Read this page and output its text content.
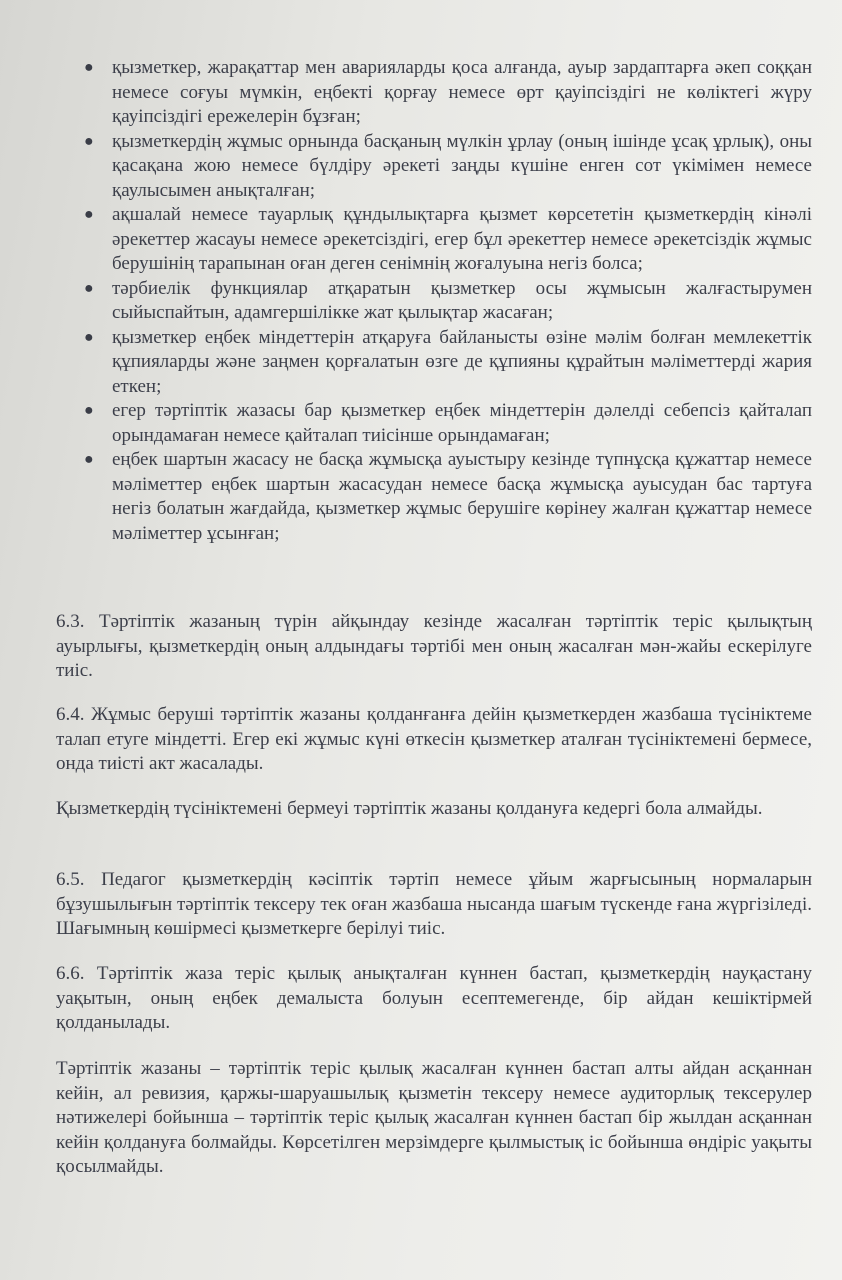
● қызметкер, жарақаттар мен аварияларды қоса алғанда, ауыр зардаптарға әкеп соққан немесе соғуы мүмкін, еңбекті қорғау немесе өрт қауіпсіздігі не көліктегі жүру қауіпсіздігі ережелерін бұзған;
● қызметкердің жұмыс орнында басқаның мүлкін ұрлау (оның ішінде ұсақ ұрлық), оны қасақана жою немесе бүлдіру әрекеті заңды күшіне енген сот үкімімен немесе қаулысымен анықталған;
● ақшалай немесе тауарлық құндылықтарға қызмет көрсететін қызметкердің кінәлі әрекеттер жасауы немесе әрекетсіздігі, егер бұл әрекеттер немесе әрекетсіздік жұмыс берушінің тарапынан оған деген сенімнің жоғалуына негіз болса;
● тәрбиелік функциялар атқаратын қызметкер осы жұмысын жалғастырумен сыйыспайтын, адамгершілікке жат қылықтар жасаған;
● қызметкер еңбек міндеттерін атқаруға байланысты өзіне мәлім болған мемлекеттік құпияларды және заңмен қорғалатын өзге де құпияны құрайтын мәліметтерді жария еткен;
● егер тәртіптік жазасы бар қызметкер еңбек міндеттерін дәлелді себепсіз қайталап орындамаған немесе қайталап тиісінше орындамаған;
● еңбек шартын жасасу не басқа жұмысқа ауыстыру кезінде түпнұсқа құжаттар немесе мәліметтер еңбек шартын жасасудан немесе басқа жұмысқа ауысудан бас тартуға негіз болатын жағдайда, қызметкер жұмыс берушіге көрінеу жалған құжаттар немесе мәліметтер ұсынған;

6.3. Тәртіптік жазаның түрін айқындау кезінде жасалған тәртіптік теріс қылықтың ауырлығы, қызметкердің оның алдындағы тәртібі мен оның жасалған мән-жайы ескерілуге тиіс.

6.4. Жұмыс беруші тәртіптік жазаны қолданғанға дейін қызметкерден жазбаша түсініктеме талап етуге міндетті. Егер екі жұмыс күні өткесін қызметкер аталған түсініктемені бермесе, онда тиісті акт жасалады.

Қызметкердің түсініктемені бермеуі тәртіптік жазаны қолдануға кедергі бола алмайды.

6.5. Педагог қызметкердің кәсіптік тәртіп немесе ұйым жарғысының нормаларын бұзушылығын тәртіптік тексеру тек оған жазбаша нысанда шағым түскенде ғана жүргізіледі. Шағымның көшірмесі қызметкерге берілуі тиіс.

6.6. Тәртіптік жаза теріс қылық анықталған күннен бастап, қызметкердің науқастану уақытын, оның еңбек демалыста болуын есептемегенде, бір айдан кешіктірмей қолданылады.

Тәртіптік жазаны – тәртіптік теріс қылық жасалған күннен бастап алты айдан асқаннан кейін, ал ревизия, қаржы-шаруашылық қызметін тексеру немесе аудиторлық тексерулер нәтижелері бойынша – тәртіптік теріс қылық жасалған күннен бастап бір жылдан асқаннан кейін қолдануға болмайды. Көрсетілген мерзімдерге қылмыстық іс бойынша өндіріс уақыты қосылмайды.
